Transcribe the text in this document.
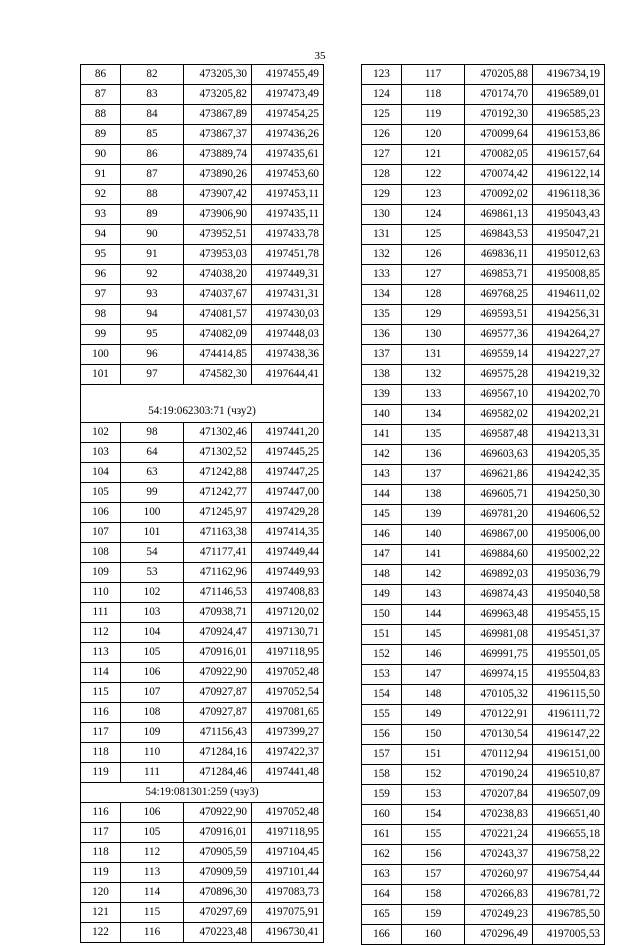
35
86	82	473205,30	4197455,49
87	83	473205,82	4197473,49
88	84	473867,89	4197454,25
89	85	473867,37	4197436,26
90	86	473889,74	4197435,61
91	87	473890,26	4197453,60
92	88	473907,42	4197453,11
93	89	473906,90	4197435,11
94	90	473952,51	4197433,78
95	91	473953,03	4197451,78
96	92	474038,20	4197449,31
97	93	474037,67	4197431,31
98	94	474081,57	4197430,03
99	95	474082,09	4197448,03
100	96	474414,85	4197438,36
101	97	474582,30	4197644,41
54:19:062303:71 (чзу2)			
102	98	471302,46	4197441,20
103	64	471302,52	4197445,25
104	63	471242,88	4197447,25
105	99	471242,77	4197447,00
106	100	471245,97	4197429,28
107	101	471163,38	4197414,35
108	54	471177,41	4197449,44
109	53	471162,96	4197449,93
110	102	471146,53	4197408,83
111	103	470938,71	4197120,02
112	104	470924,47	4197130,71
113	105	470916,01	4197118,95
114	106	470922,90	4197052,48
115	107	470927,87	4197052,54
116	108	470927,87	4197081,65
117	109	471156,43	4197399,27
118	110	471284,16	4197422,37
119	111	471284,46	4197441,48
54:19:081301:259 (чзу3)			
116	106	470922,90	4197052,48
117	105	470916,01	4197118,95
118	112	470905,59	4197104,45
119	113	470909,59	4197101,44
120	114	470896,30	4197083,73
121	115	470297,69	4197075,91
122	116	470223,48	4196730,41
123	117	470205,88	4196734,19
124	118	470174,70	4196589,01
125	119	470192,30	4196585,23
126	120	470099,64	4196153,86
127	121	470082,05	4196157,64
128	122	470074,42	4196122,14
129	123	470092,02	4196118,36
130	124	469861,13	4195043,43
131	125	469843,53	4195047,21
132	126	469836,11	4195012,63
133	127	469853,71	4195008,85
134	128	469768,25	4194611,02
135	129	469593,51	4194256,31
136	130	469577,36	4194264,27
137	131	469559,14	4194227,27
138	132	469575,28	4194219,32
139	133	469567,10	4194202,70
140	134	469582,02	4194202,21
141	135	469587,48	4194213,31
142	136	469603,63	4194205,35
143	137	469621,86	4194242,35
144	138	469605,71	4194250,30
145	139	469781,20	4194606,52
146	140	469867,00	4195006,00
147	141	469884,60	4195002,22
148	142	469892,03	4195036,79
149	143	469874,43	4195040,58
150	144	469963,48	4195455,15
151	145	469981,08	4195451,37
152	146	469991,75	4195501,05
153	147	469974,15	4195504,83
154	148	470105,32	4196115,50
155	149	470122,91	4196111,72
156	150	470130,54	4196147,22
157	151	470112,94	4196151,00
158	152	470190,24	4196510,87
159	153	470207,84	4196507,09
160	154	470238,83	4196651,40
161	155	470221,24	4196655,18
162	156	470243,37	4196758,22
163	157	470260,97	4196754,44
164	158	470266,83	4196781,72
165	159	470249,23	4196785,50
166	160	470296,49	4197005,53
